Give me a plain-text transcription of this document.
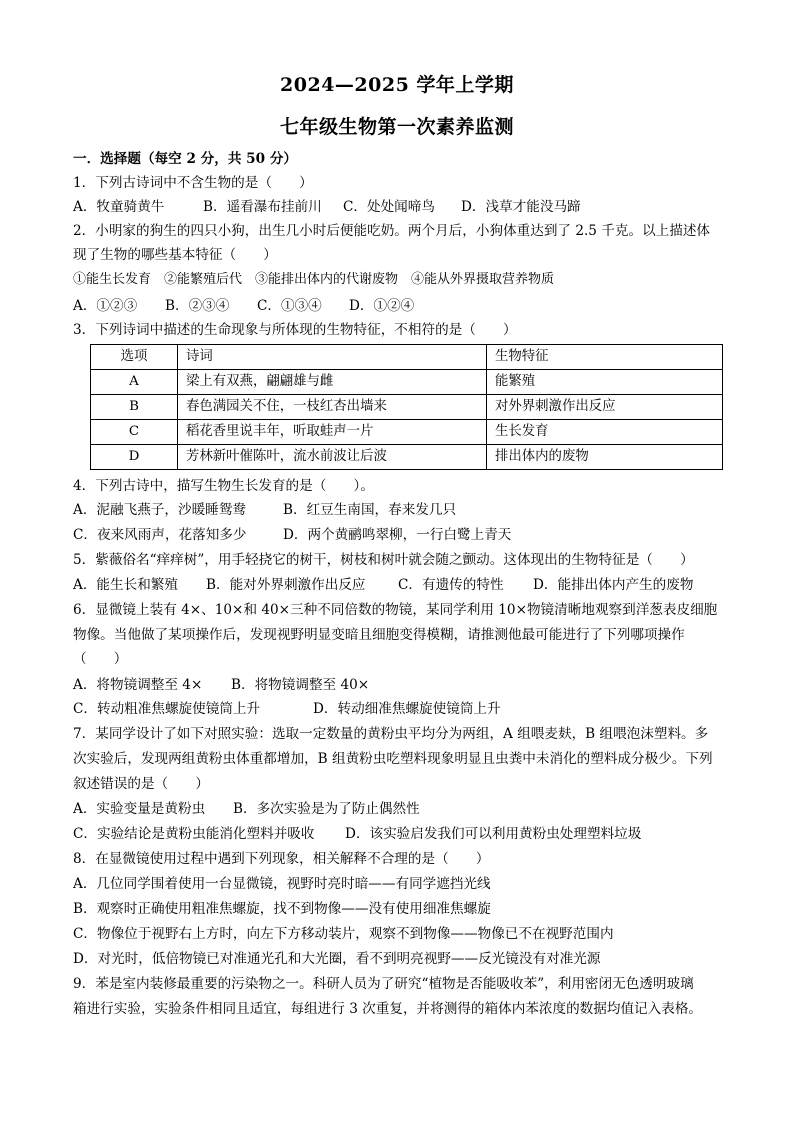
2024—2025 学年上学期
七年级生物第一次素养监测
一．选择题（每空 2 分，共 50 分）
1．下列古诗词中不含生物的是（　　）
A．牧童骑黄牛	B．遥看瀑布挂前川 C．处处闻啼鸟 D．浅草才能没马蹄
2．小明家的狗生的四只小狗，出生几小时后便能吃奶。两个月后，小狗体重达到了 2.5 千克。以上描述体
现了生物的哪些基本特征（　　）
①能生长发育　②能繁殖后代　③能排出体内的代谢废物　④能从外界摄取营养物质
A．①②③ B．②③④ C．①③④ D．①②④
3．下列诗词中描述的生命现象与所体现的生物特征，不相符的是（　　）
选项	诗词	生物特征
A	梁上有双燕，翩翩雄与雌	能繁殖
B	春色满园关不住，一枝红杏出墙来	对外界刺激作出反应
C	稻花香里说丰年，听取蛙声一片	生长发育
D	芳林新叶催陈叶，流水前波让后波	排出体内的废物
4．下列古诗中，描写生物生长发育的是（　　）。
A．泥融飞燕子，沙暖睡鸳鸯	B．红豆生南国，春来发几只
C．夜来风雨声，花落知多少	D．两个黄鹂鸣翠柳，一行白鹭上青天
5．紫薇俗名“痒痒树”，用手轻挠它的树干，树枝和树叶就会随之颤动。这体现出的生物特征是（　　）
A．能生长和繁殖 B．能对外界刺激作出反应 C．有遗传的特性 D．能排出体内产生的废物
6．显微镜上装有 4×、10×和 40×三种不同倍数的物镜，某同学利用 10×物镜清晰地观察到洋葱表皮细胞
物像。当他做了某项操作后，发现视野明显变暗且细胞变得模糊，请推测他最可能进行了下列哪项操作
（　　）
A．将物镜调整至 4× B．将物镜调整至 40×
C．转动粗准焦螺旋使镜筒上升	D．转动细准焦螺旋使镜筒上升
7．某同学设计了如下对照实验：选取一定数量的黄粉虫平均分为两组，A 组喂麦麸，B 组喂泡沫塑料。多
次实验后，发现两组黄粉虫体重都增加，B 组黄粉虫吃塑料现象明显且虫粪中未消化的塑料成分极少。下列
叙述错误的是（　　）
A．实验变量是黄粉虫 B．多次实验是为了防止偶然性
C．实验结论是黄粉虫能消化塑料并吸收 D．该实验启发我们可以利用黄粉虫处理塑料垃圾
8．在显微镜使用过程中遇到下列现象，相关解释不合理的是（　　）
A．几位同学围着使用一台显微镜，视野时亮时暗——有同学遮挡光线
B．观察时正确使用粗准焦螺旋，找不到物像——没有使用细准焦螺旋
C．物像位于视野右上方时，向左下方移动装片，观察不到物像——物像已不在视野范围内
D．对光时，低倍物镜已对准通光孔和大光圈，看不到明亮视野——反光镜没有对准光源
9．苯是室内装修最重要的污染物之一。科研人员为了研究“植物是否能吸收苯”，利用密闭无色透明玻璃
箱进行实验，实验条件相同且适宜，每组进行 3 次重复，并将测得的箱体内苯浓度的数据均值记入表格。
